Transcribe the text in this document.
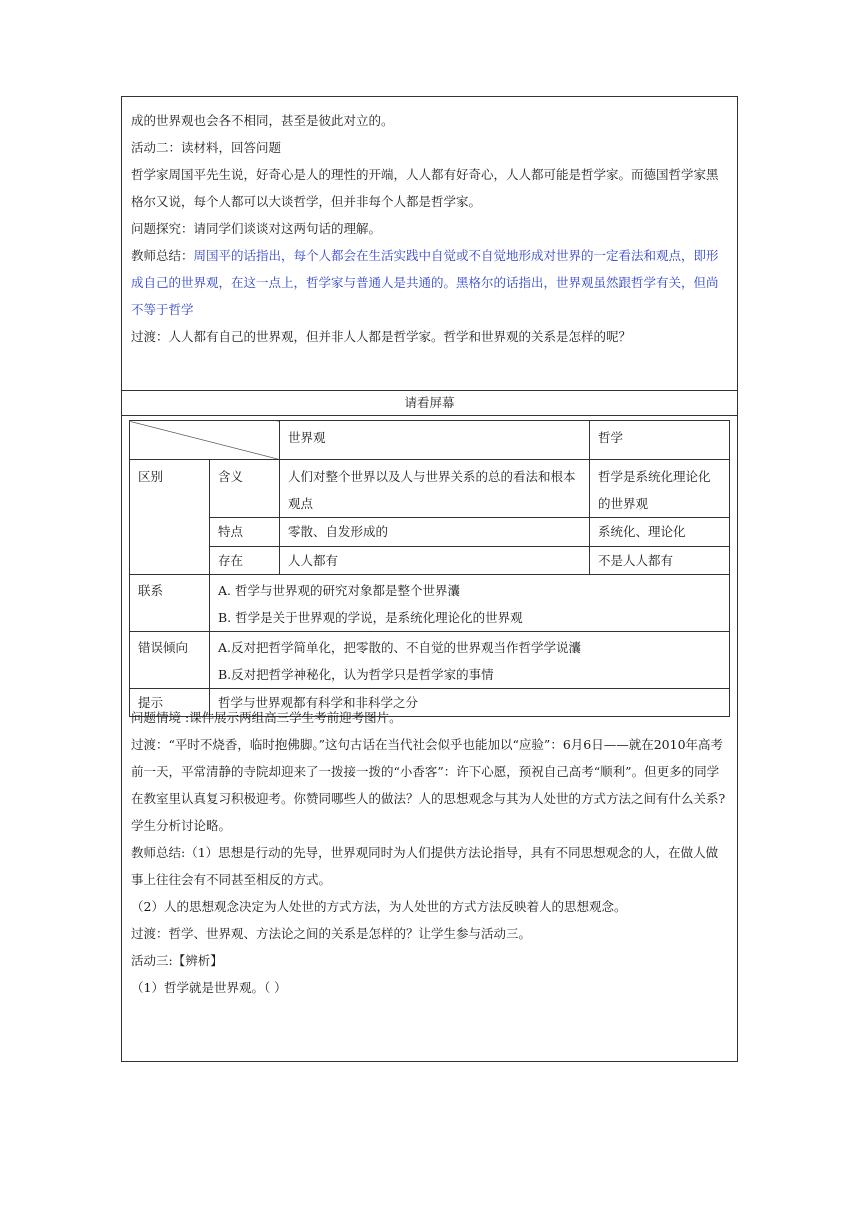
成的世界观也会各不相同，甚至是彼此对立的。

活动二：读材料，回答问题

哲学家周国平先生说，好奇心是人的理性的开端，人人都有好奇心，人人都可能是哲学家。而德国哲学家黑格尔又说，每个人都可以大谈哲学，但并非每个人都是哲学家。

问题探究：请同学们谈谈对这两句话的理解。

教师总结：周国平的话指出，每个人都会在生活实践中自觉或不自觉地形成对世界的一定看法和观点，即形成自己的世界观，在这一点上，哲学家与普通人是共通的。黑格尔的话指出，世界观虽然跟哲学有关，但尚不等于哲学

过渡：人人都有自己的世界观，但并非人人都是哲学家。哲学和世界观的关系是怎样的呢？

请看屏幕
		世界观	哲学
区别	含义	人们对整个世界以及人与世界关系的总的看法和根本观点	哲学是系统化理论化的世界观
	特点	零散、自发形成的	系统化、理论化
	存在	人人都有	不是人人都有
联系	A. 哲学与世界观的研究对象都是整个世界灢
B. 哲学是关于世界观的学说，是系统化理论化的世界观		

错误倾向	A.反对把哲学简单化，把零散的、不自觉的世界观当作哲学学说灢
B.反对把哲学神秘化，认为哲学只是哲学家的事情		

提示	哲学与世界观都有科学和非科学之分		

问题情境 :课件展示两组高三学生考前迎考图片。

过渡：“平时不烧香，临时抱佛脚。”这句古话在当代社会似乎也能加以“应验”：6月6日——就在2010年高考前一天，平常清静的寺院却迎来了一拨接一拨的“小香客”：许下心愿，预祝自己高考“顺利”。但更多的同学在教室里认真复习积极迎考。你赞同哪些人的做法？人的思想观念与其为人处世的方式方法之间有什么关系?

学生分析讨论略。

教师总结:（1）思想是行动的先导，世界观同时为人们提供方法论指导，具有不同思想观念的人，在做人做事上往往会有不同甚至相反的方式。

（2）人的思想观念决定为人处世的方式方法，为人处世的方式方法反映着人的思想观念。

过渡：哲学、世界观、方法论之间的关系是怎样的？让学生参与活动三。

活动三:【辨析】

（1）哲学就是世界观。（ ）
